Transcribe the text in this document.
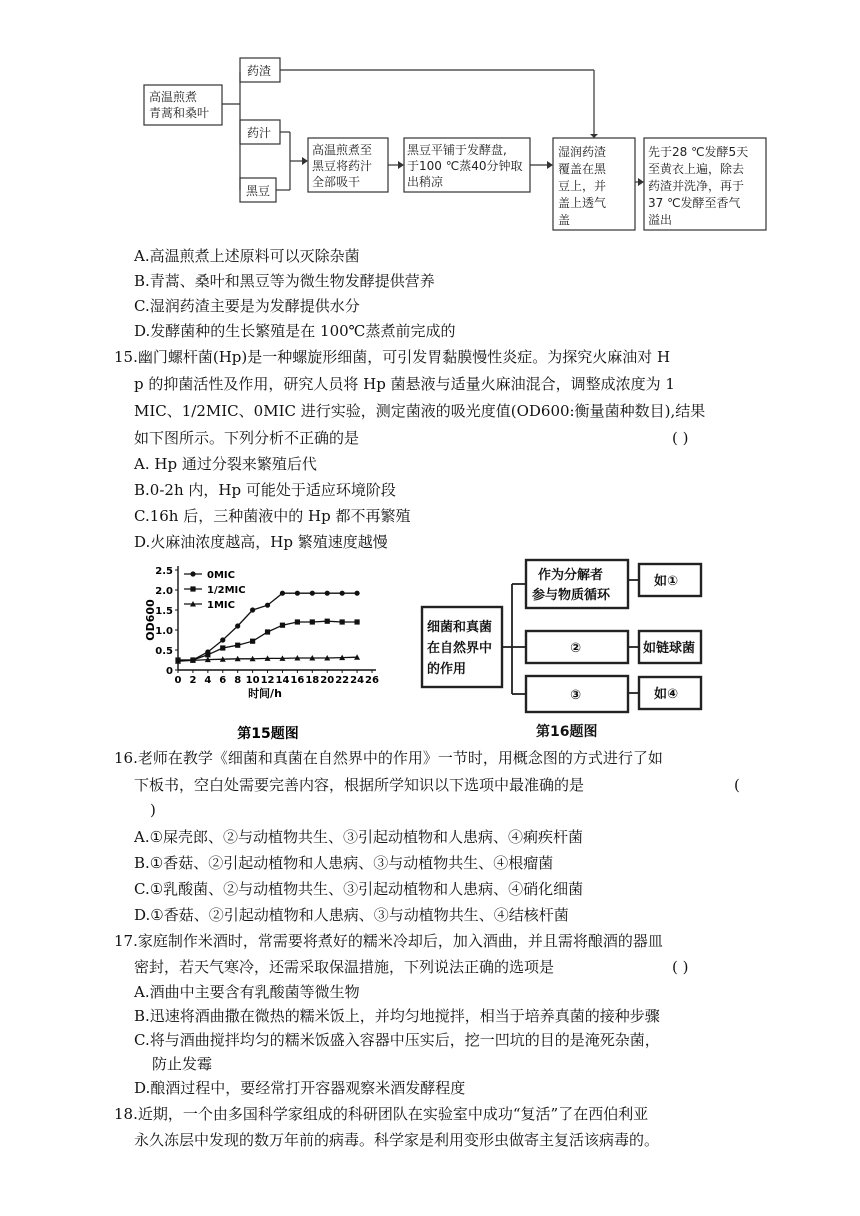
高温煎煮
青蒿和桑叶
药渣
药汁
黑豆
高温煎煮至
黑豆将药汁
全部吸干
黑豆平铺于发酵盘,
于100 ℃蒸40分钟取
出稍凉
湿润药渣
覆盖在黑
豆上，并
盖上透气
盖
先于28 ℃发酵5天
至黄衣上遍，除去
药渣并洗净，再于
37 ℃发酵至香气
溢出
A.高温煎煮上述原料可以灭除杂菌
B.青蒿、桑叶和黑豆等为微生物发酵提供营养
C.湿润药渣主要是为发酵提供水分
D.发酵菌种的生长繁殖是在 100℃蒸煮前完成的
15.幽门螺杆菌(Hp)是一种螺旋形细菌，可引发胃黏膜慢性炎症。为探究火麻油对 H
p 的抑菌活性及作用，研究人员将 Hp 菌悬液与适量火麻油混合，调整成浓度为 1
MIC、1/2MIC、0MIC 进行实验，测定菌液的吸光度值(OD600:衡量菌种数目),结果
如下图所示。下列分析不正确的是	( )
A. Hp 通过分裂来繁殖后代
B.0-2h 内，Hp 可能处于适应环境阶段
C.16h 后，三种菌液中的 Hp 都不再繁殖
D.火麻油浓度越高，Hp 繁殖速度越慢
0
0.5
1.0
1.5
2.0
2.5
0 2 4 6 8 10 12 14 16 18 20 22 24 26
OD600
时间/h
0MIC
1/2MIC
1MIC
第15题图
细菌和真菌
在自然界中
的作用
作为分解者
参与物质循环
②
③
如①
如链球菌
如④
第16题图
16.老师在教学《细菌和真菌在自然界中的作用》一节时，用概念图的方式进行了如
下板书，空白处需要完善内容，根据所学知识以下选项中最准确的是	(
)
A.①屎壳郎、②与动植物共生、③引起动植物和人患病、④痢疾杆菌
B.①香菇、②引起动植物和人患病、③与动植物共生、④根瘤菌
C.①乳酸菌、②与动植物共生、③引起动植物和人患病、④硝化细菌
D.①香菇、②引起动植物和人患病、③与动植物共生、④结核杆菌
17.家庭制作米酒时，常需要将煮好的糯米冷却后，加入酒曲，并且需将酿酒的器皿
密封，若天气寒冷，还需采取保温措施，下列说法正确的选项是	( )
A.酒曲中主要含有乳酸菌等微生物
B.迅速将酒曲撒在微热的糯米饭上，并均匀地搅拌，相当于培养真菌的接种步骤
C.将与酒曲搅拌均匀的糯米饭盛入容器中压实后，挖一凹坑的目的是淹死杂菌，
防止发霉
D.酿酒过程中，要经常打开容器观察米酒发酵程度
18.近期，一个由多国科学家组成的科研团队在实验室中成功“复活”了在西伯利亚
永久冻层中发现的数万年前的病毒。科学家是利用变形虫做寄主复活该病毒的。
